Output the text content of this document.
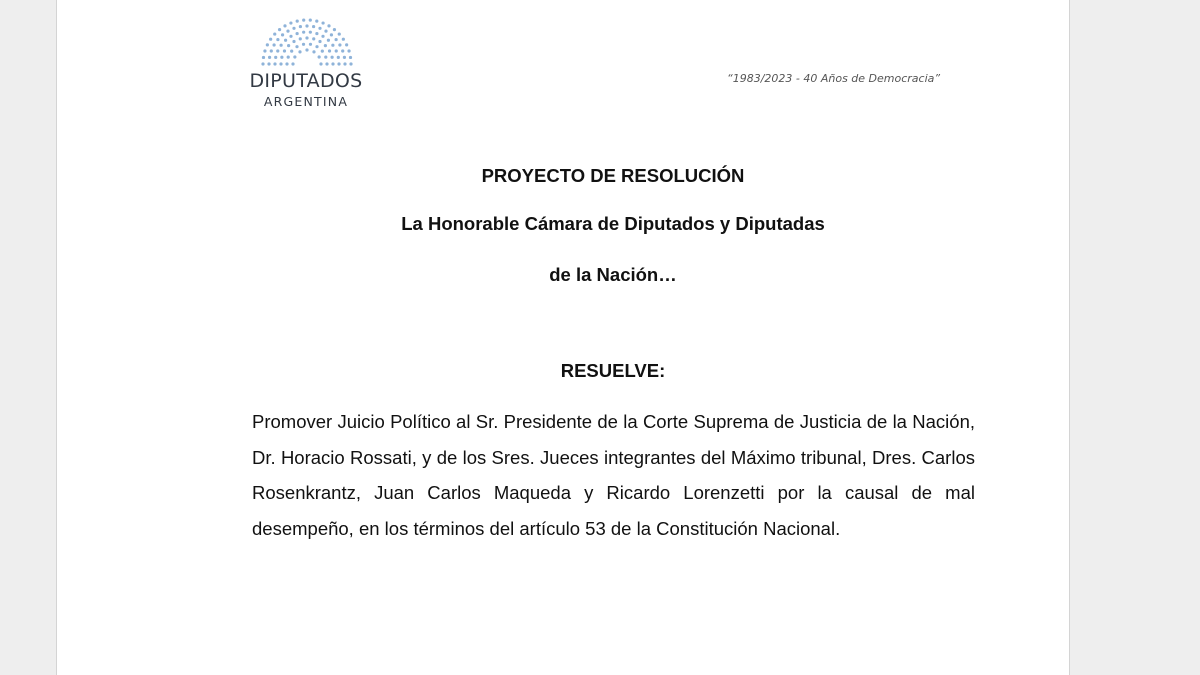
DIPUTADOS
ARGENTINA
“1983/2023 - 40 Años de Democracia”
PROYECTO DE RESOLUCIÓN
La Honorable Cámara de Diputados y Diputadas
de la Nación…
RESUELVE:
Promover Juicio Político al Sr. Presidente de la Corte Suprema de Justicia de la Nación, Dr. Horacio Rossati, y de los Sres. Jueces integrantes del Máximo tribunal, Dres. Carlos Rosenkrantz, Juan Carlos Maqueda y Ricardo Lorenzetti por la causal de mal desempeño, en los términos del artículo 53 de la Constitución Nacional.
